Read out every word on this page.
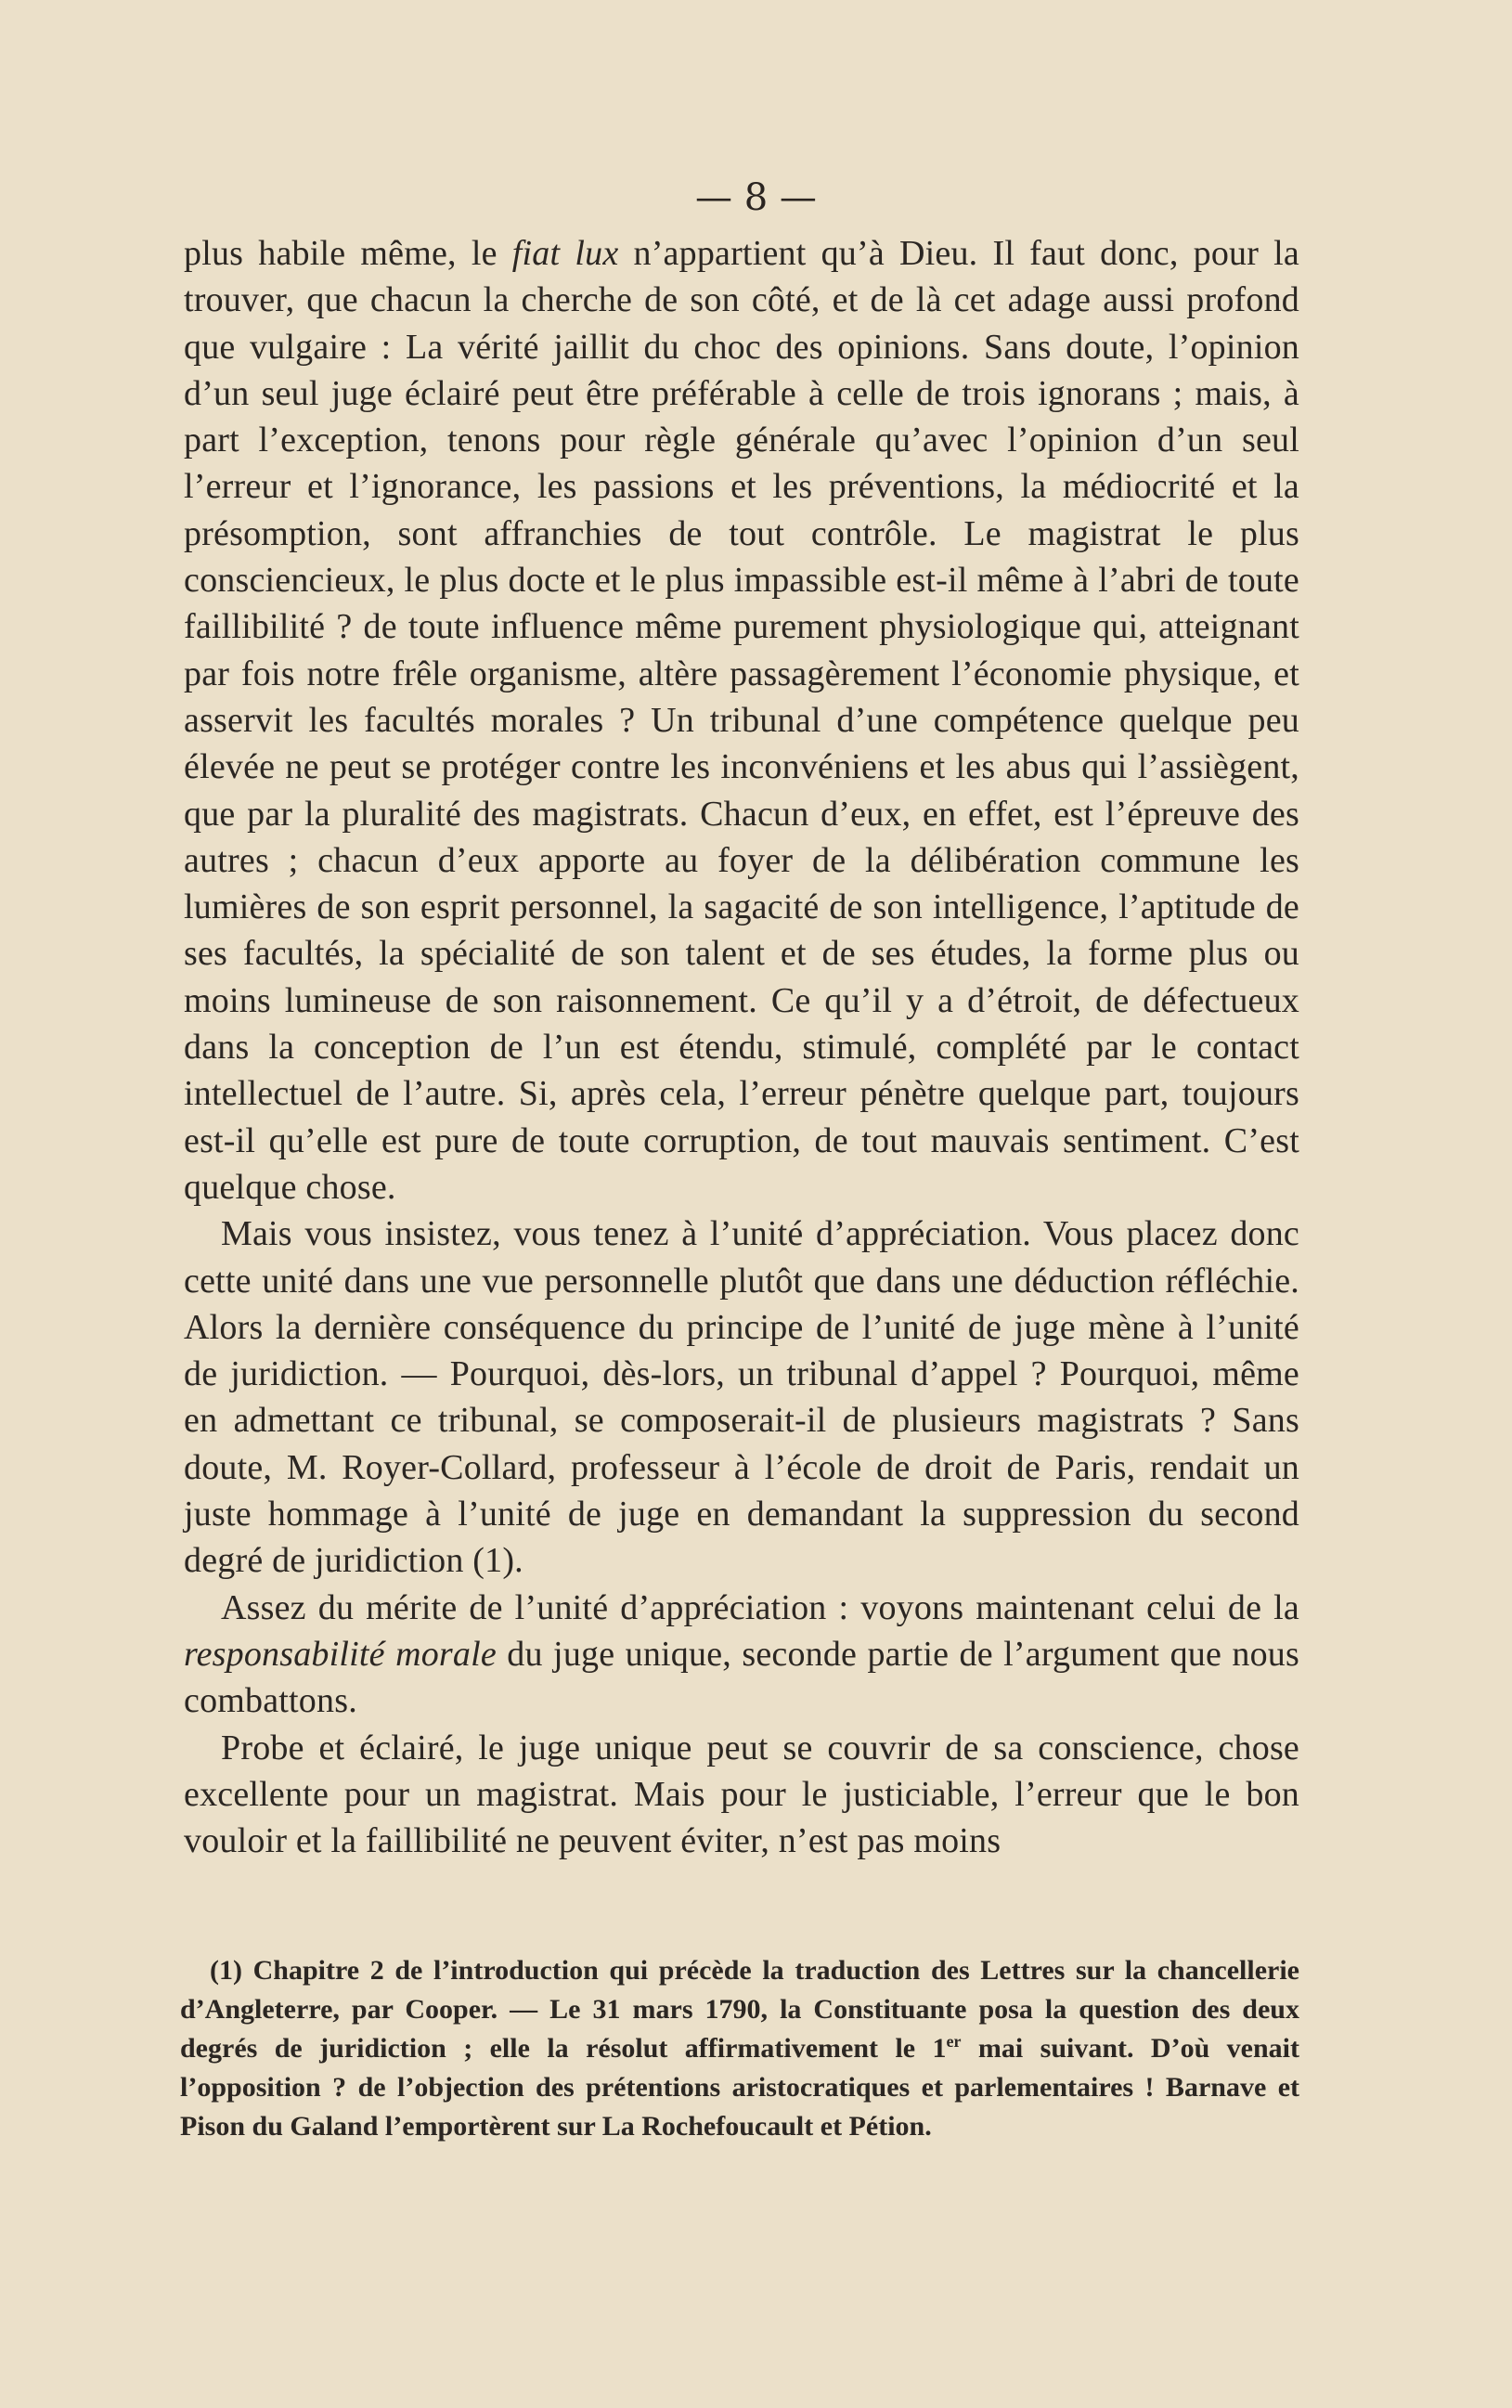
— 8 —

plus habile même, le fiat lux n’appartient qu’à Dieu. Il faut donc, pour la trouver, que chacun la cherche de son côté, et de là cet adage aussi profond que vulgaire : La vérité jaillit du choc des opinions. Sans doute, l’opinion d’un seul juge éclairé peut être préférable à celle de trois ignorans ; mais, à part l’exception, tenons pour règle générale qu’avec l’opinion d’un seul l’erreur et l’ignorance, les passions et les préventions, la médiocrité et la présomption, sont affranchies de tout contrôle. Le magistrat le plus consciencieux, le plus docte et le plus impassible est-il même à l’abri de toute faillibilité ? de toute influence même purement physiologique qui, atteignant par fois notre frêle organisme, altère passagèrement l’économie physique, et asservit les facultés morales ? Un tribunal d’une compétence quelque peu élevée ne peut se protéger contre les inconvéniens et les abus qui l’assiègent, que par la pluralité des magistrats. Chacun d’eux, en effet, est l’épreuve des autres ; chacun d’eux apporte au foyer de la délibération commune les lumières de son esprit personnel, la sagacité de son intelligence, l’aptitude de ses facultés, la spécialité de son talent et de ses études, la forme plus ou moins lumineuse de son raisonnement. Ce qu’il y a d’étroit, de défectueux dans la conception de l’un est étendu, stimulé, complété par le contact intellectuel de l’autre. Si, après cela, l’erreur pénètre quelque part, toujours est-il qu’elle est pure de toute corruption, de tout mauvais sentiment. C’est quelque chose.

Mais vous insistez, vous tenez à l’unité d’appréciation. Vous placez donc cette unité dans une vue personnelle plutôt que dans une déduction réfléchie. Alors la dernière conséquence du principe de l’unité de juge mène à l’unité de juridiction. — Pourquoi, dès-lors, un tribunal d’appel ? Pourquoi, même en admettant ce tribunal, se composerait-il de plusieurs magistrats ? Sans doute, M. Royer-Collard, professeur à l’école de droit de Paris, rendait un juste hommage à l’unité de juge en demandant la suppression du second degré de juridiction (1).

Assez du mérite de l’unité d’appréciation : voyons maintenant celui de la responsabilité morale du juge unique, seconde partie de l’argument que nous combattons.

Probe et éclairé, le juge unique peut se couvrir de sa conscience, chose excellente pour un magistrat. Mais pour le justiciable, l’erreur que le bon vouloir et la faillibilité ne peuvent éviter, n’est pas moins

(1) Chapitre 2 de l’introduction qui précède la traduction des Lettres sur la chancellerie d’Angleterre, par Cooper. — Le 31 mars 1790, la Constituante posa la question des deux degrés de juridiction ; elle la résolut affirmativement le 1er mai suivant. D’où venait l’opposition ? de l’objection des prétentions aristocratiques et parlementaires ! Barnave et Pison du Galand l’emportèrent sur La Rochefoucault et Pétion.
